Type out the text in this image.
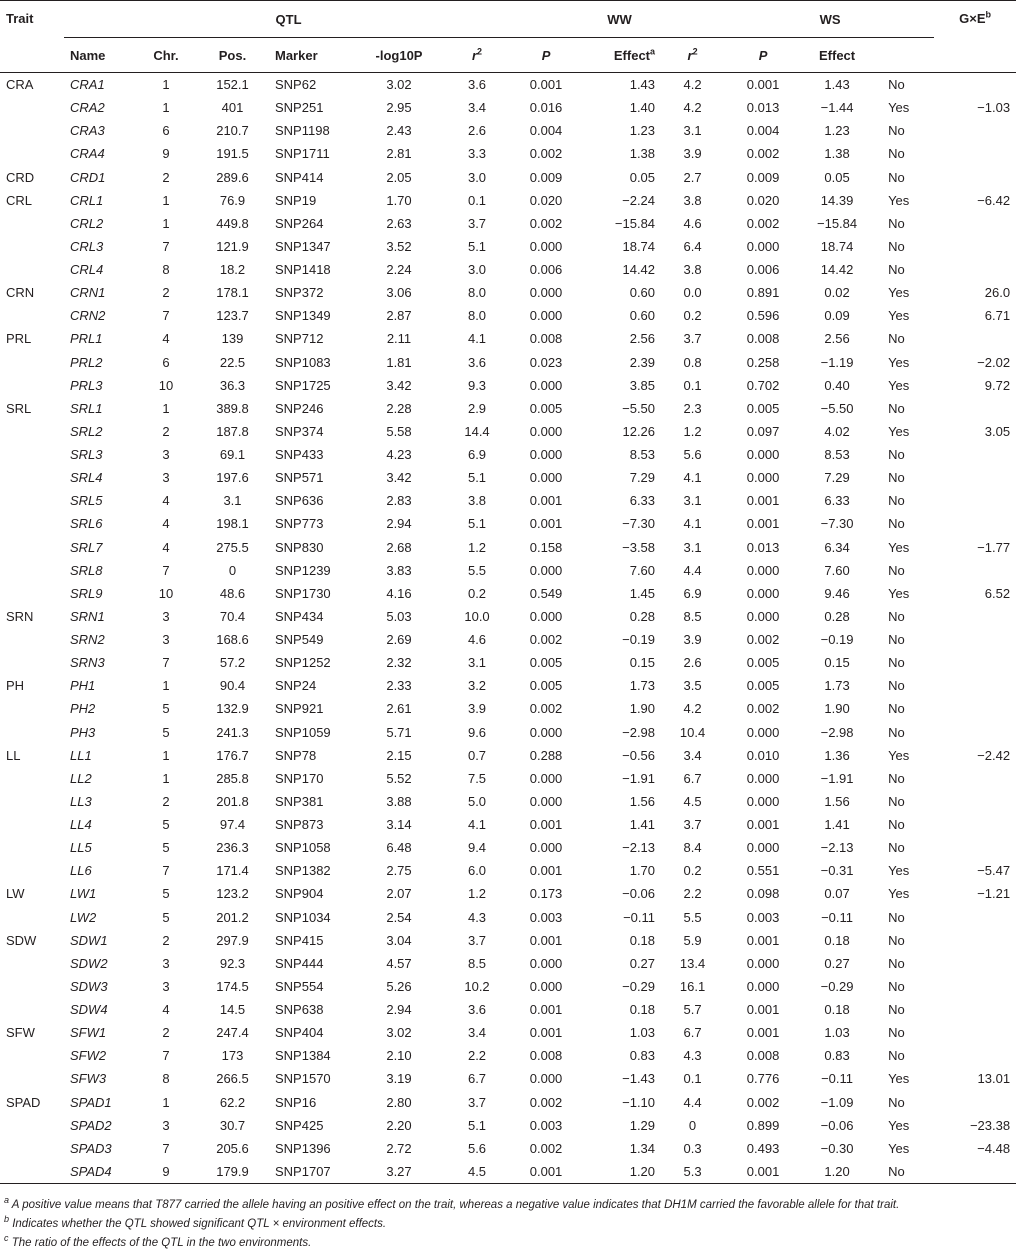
Trait	QTL						WW			WS			$G\times E^b$	
	Name	Chr.	Pos.	Marker	-log10P	$r^2$	P	Effect$^a$	$r^2$	P	Effect			
CRA	CRA1	1	152.1	SNP62	3.02	3.6	0.001	1.43	4.2	0.001	1.43	No		
	CRA2	1	401	SNP251	2.95	3.4	0.016	1.40	4.2	0.013	−1.44	Yes	−1.03	
	CRA3	6	210.7	SNP1198	2.43	2.6	0.004	1.23	3.1	0.004	1.23	No		
	CRA4	9	191.5	SNP1711	2.81	3.3	0.002	1.38	3.9	0.002	1.38	No		
CRD	CRD1	2	289.6	SNP414	2.05	3.0	0.009	0.05	2.7	0.009	0.05	No		
CRL	CRL1	1	76.9	SNP19	1.70	0.1	0.020	−2.24	3.8	0.020	14.39	Yes	−6.42	
	CRL2	1	449.8	SNP264	2.63	3.7	0.002	−15.84	4.6	0.002	−15.84	No		
	CRL3	7	121.9	SNP1347	3.52	5.1	0.000	18.74	6.4	0.000	18.74	No		
	CRL4	8	18.2	SNP1418	2.24	3.0	0.006	14.42	3.8	0.006	14.42	No		
CRN	CRN1	2	178.1	SNP372	3.06	8.0	0.000	0.60	0.0	0.891	0.02	Yes	26.0	
	CRN2	7	123.7	SNP1349	2.87	8.0	0.000	0.60	0.2	0.596	0.09	Yes	6.71	
PRL	PRL1	4	139	SNP712	2.11	4.1	0.008	2.56	3.7	0.008	2.56	No		
	PRL2	6	22.5	SNP1083	1.81	3.6	0.023	2.39	0.8	0.258	−1.19	Yes	−2.02	
	PRL3	10	36.3	SNP1725	3.42	9.3	0.000	3.85	0.1	0.702	0.40	Yes	9.72	
SRL	SRL1	1	389.8	SNP246	2.28	2.9	0.005	−5.50	2.3	0.005	−5.50	No		
	SRL2	2	187.8	SNP374	5.58	14.4	0.000	12.26	1.2	0.097	4.02	Yes	3.05	
	SRL3	3	69.1	SNP433	4.23	6.9	0.000	8.53	5.6	0.000	8.53	No		
	SRL4	3	197.6	SNP571	3.42	5.1	0.000	7.29	4.1	0.000	7.29	No		
	SRL5	4	3.1	SNP636	2.83	3.8	0.001	6.33	3.1	0.001	6.33	No		
	SRL6	4	198.1	SNP773	2.94	5.1	0.001	−7.30	4.1	0.001	−7.30	No		
	SRL7	4	275.5	SNP830	2.68	1.2	0.158	−3.58	3.1	0.013	6.34	Yes	−1.77	
	SRL8	7	0	SNP1239	3.83	5.5	0.000	7.60	4.4	0.000	7.60	No		
	SRL9	10	48.6	SNP1730	4.16	0.2	0.549	1.45	6.9	0.000	9.46	Yes	6.52	
SRN	SRN1	3	70.4	SNP434	5.03	10.0	0.000	0.28	8.5	0.000	0.28	No		
	SRN2	3	168.6	SNP549	2.69	4.6	0.002	−0.19	3.9	0.002	−0.19	No		
	SRN3	7	57.2	SNP1252	2.32	3.1	0.005	0.15	2.6	0.005	0.15	No		
PH	PH1	1	90.4	SNP24	2.33	3.2	0.005	1.73	3.5	0.005	1.73	No		
	PH2	5	132.9	SNP921	2.61	3.9	0.002	1.90	4.2	0.002	1.90	No		
	PH3	5	241.3	SNP1059	5.71	9.6	0.000	−2.98	10.4	0.000	−2.98	No		
LL	LL1	1	176.7	SNP78	2.15	0.7	0.288	−0.56	3.4	0.010	1.36	Yes	−2.42	
	LL2	1	285.8	SNP170	5.52	7.5	0.000	−1.91	6.7	0.000	−1.91	No		
	LL3	2	201.8	SNP381	3.88	5.0	0.000	1.56	4.5	0.000	1.56	No		
	LL4	5	97.4	SNP873	3.14	4.1	0.001	1.41	3.7	0.001	1.41	No		
	LL5	5	236.3	SNP1058	6.48	9.4	0.000	−2.13	8.4	0.000	−2.13	No		
	LL6	7	171.4	SNP1382	2.75	6.0	0.001	1.70	0.2	0.551	−0.31	Yes	−5.47	
LW	LW1	5	123.2	SNP904	2.07	1.2	0.173	−0.06	2.2	0.098	0.07	Yes	−1.21	
	LW2	5	201.2	SNP1034	2.54	4.3	0.003	−0.11	5.5	0.003	−0.11	No		
SDW	SDW1	2	297.9	SNP415	3.04	3.7	0.001	0.18	5.9	0.001	0.18	No		
	SDW2	3	92.3	SNP444	4.57	8.5	0.000	0.27	13.4	0.000	0.27	No		
	SDW3	3	174.5	SNP554	5.26	10.2	0.000	−0.29	16.1	0.000	−0.29	No		
	SDW4	4	14.5	SNP638	2.94	3.6	0.001	0.18	5.7	0.001	0.18	No		
SFW	SFW1	2	247.4	SNP404	3.02	3.4	0.001	1.03	6.7	0.001	1.03	No		
	SFW2	7	173	SNP1384	2.10	2.2	0.008	0.83	4.3	0.008	0.83	No		
	SFW3	8	266.5	SNP1570	3.19	6.7	0.000	−1.43	0.1	0.776	−0.11	Yes	13.01	
SPAD	SPAD1	1	62.2	SNP16	2.80	3.7	0.002	−1.10	4.4	0.002	−1.09	No		
	SPAD2	3	30.7	SNP425	2.20	5.1	0.003	1.29	0	0.899	−0.06	Yes	−23.38	
	SPAD3	7	205.6	SNP1396	2.72	5.6	0.002	1.34	0.3	0.493	−0.30	Yes	−4.48	
	SPAD4	9	179.9	SNP1707	3.27	4.5	0.001	1.20	5.3	0.001	1.20	No		
$^a$ A positive value means that T877 carried the allele having an positive effect on the trait, whereas a negative value indicates that DH1M carried the favorable allele for that trait.
$^b$ Indicates whether the QTL showed significant QTL × environment effects.
$^c$ The ratio of the effects of the QTL in the two environments.
